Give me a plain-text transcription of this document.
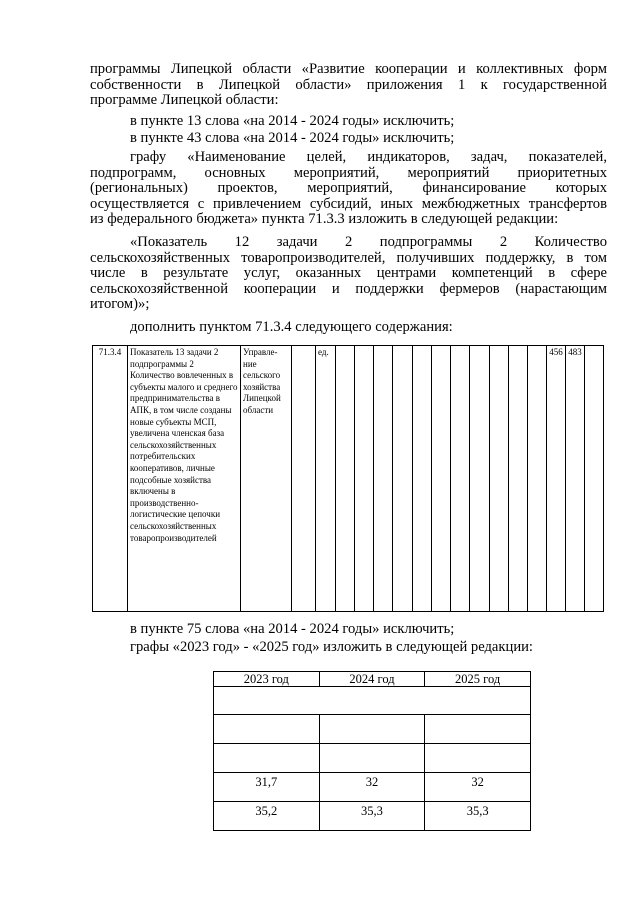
программы Липецкой области «Развитие кооперации и коллективных форм
собственности в Липецкой области» приложения 1 к государственной
программе Липецкой области:
в пункте 13 слова «на 2014 - 2024 годы» исключить;
в пункте 43 слова «на 2014 - 2024 годы» исключить;
графу «Наименование целей, индикаторов, задач, показателей,
подпрограмм, основных мероприятий, мероприятий приоритетных
(региональных) проектов, мероприятий, финансирование которых
осуществляется с привлечением субсидий, иных межбюджетных трансфертов
из федерального бюджета» пункта 71.3.3 изложить в следующей редакции:
«Показатель 12 задачи 2 подпрограммы 2 Количество
сельскохозяйственных товаропроизводителей, получивших поддержку, в том
числе в результате услуг, оказанных центрами компетенций в сфере
сельскохозяйственной кооперации и поддержки фермеров (нарастающим
итогом)»;
дополнить пунктом 71.3.4 следующего содержания:
71.3.4	Показатель 13 задачи 2 подпрограммы 2 Количество вовлеченных в субъекты малого и среднего предпринимательства в АПК, в том числе созданы новые субъекты МСП, увеличена членская база сельскохозяйственных потребительских кооперативов, личные подсобные хозяйства включены в производственно-логистические цепочки сельскохозяйственных товаропроизводителей	Управле-ние сельского хозяйства Липецкой области		ед.												456	483	
в пункте 75 слова «на 2014 - 2024 годы» исключить;
графы «2023 год» - «2025 год» изложить в следующей редакции:
2023 год	2024 год	2025 год

31,7	32	32
35,2	35,3	35,3
